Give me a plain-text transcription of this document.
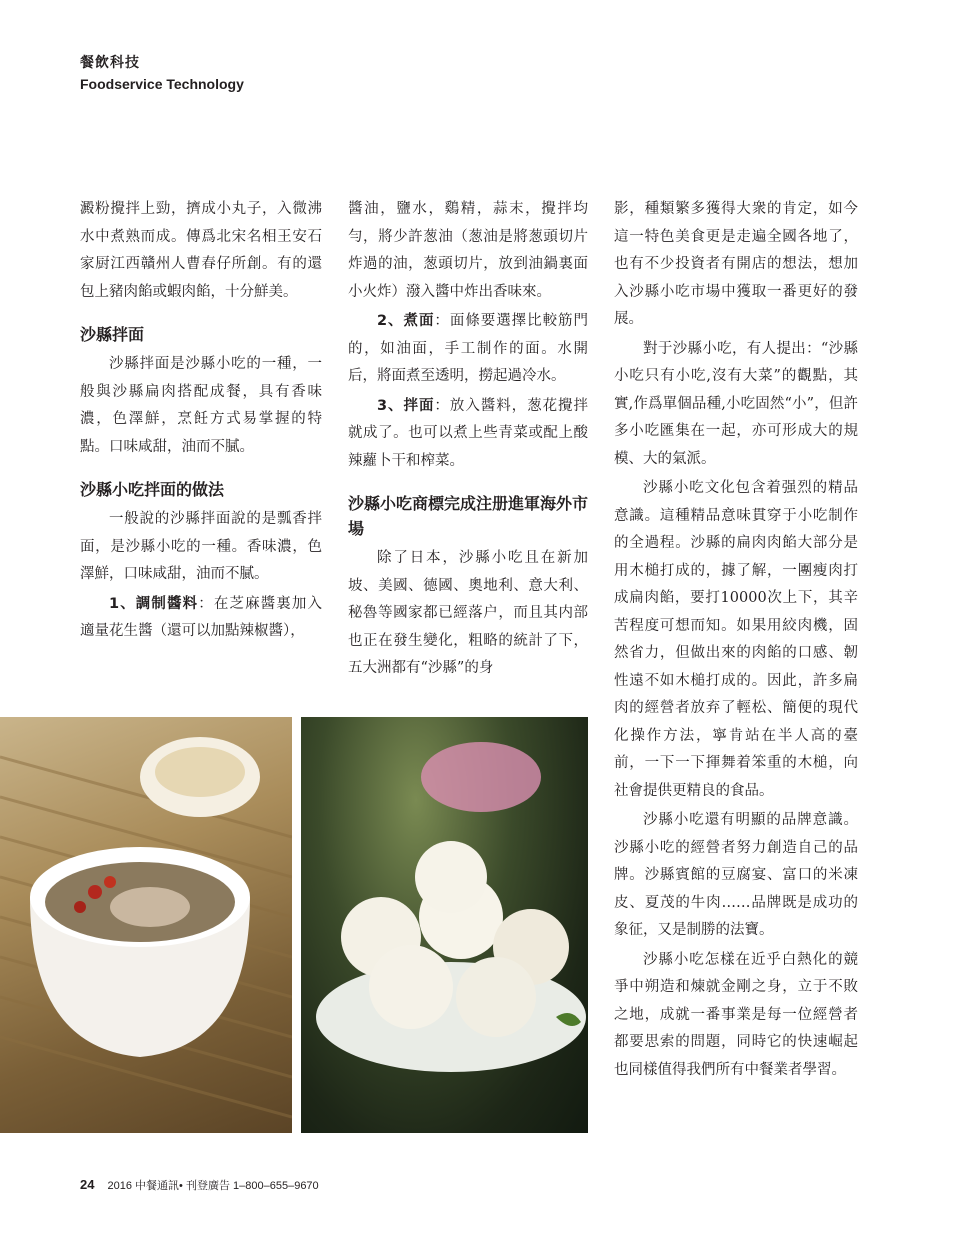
餐飲科技
Foodservice Technology

澱粉攪拌上勁，擠成小丸子，入微沸水中煮熟而成。傳爲北宋名相王安石家厨江西贛州人曹春仔所創。有的還包上豬肉餡或蝦肉餡，十分鮮美。

沙縣拌面

沙縣拌面是沙縣小吃的一種，一般與沙縣扁肉搭配成餐，具有香味濃，色澤鮮，烹飪方式易掌握的特點。口味咸甜，油而不膩。

沙縣小吃拌面的做法

一般說的沙縣拌面說的是瓢香拌面，是沙縣小吃的一種。香味濃，色澤鮮，口味咸甜，油而不膩。

1、調制醬料：在芝麻醬裏加入適量花生醬（還可以加點辣椒醬），

醬油，鹽水，鷄精，蒜末，攪拌均勻，將少許葱油（葱油是將葱頭切片炸過的油，葱頭切片，放到油鍋裏面小火炸）潑入醬中炸出香味來。

2、煮面：面條要選擇比較筋門的，如油面，手工制作的面。水開后，將面煮至透明，撈起過冷水。

3、拌面：放入醬料，葱花攪拌就成了。也可以煮上些青菜或配上酸辣蘿卜干和榨菜。

沙縣小吃商標完成注册進軍海外市場

除了日本，沙縣小吃且在新加坡、美國、德國、奧地利、意大利、秘魯等國家都已經落户，而且其内部也正在發生變化，粗略的統計了下，五大洲都有“沙縣”的身

影，種類繁多獲得大衆的肯定，如今這一特色美食更是走遍全國各地了，也有不少投資者有開店的想法，想加入沙縣小吃市場中獲取一番更好的發展。

對于沙縣小吃，有人提出：“沙縣小吃只有小吃,沒有大菜”的觀點，其實,作爲單個品種,小吃固然“小”，但許多小吃匯集在一起，亦可形成大的規模、大的氣派。

沙縣小吃文化包含着强烈的精品意識。這種精品意味貫穿于小吃制作的全過程。沙縣的扁肉肉餡大部分是用木槌打成的，據了解，一團瘦肉打成扁肉餡，要打10000次上下，其辛苦程度可想而知。如果用絞肉機，固然省力，但做出來的肉餡的口感、韌性遠不如木槌打成的。因此，許多扁肉的經營者放弃了輕松、簡便的現代化操作方法，寧肯站在半人高的臺前，一下一下揮舞着笨重的木槌，向社會提供更精良的食品。

沙縣小吃還有明顯的品牌意識。沙縣小吃的經營者努力創造自己的品牌。沙縣賓館的豆腐宴、富口的米凍皮、夏茂的牛肉……品牌既是成功的象征，又是制勝的法寶。

沙縣小吃怎樣在近乎白熱化的競爭中朔造和煉就金剛之身，立于不敗之地，成就一番事業是每一位經營者都要思索的問題，同時它的快速崛起也同樣值得我們所有中餐業者學習。

24 2016 中餐通訊• 刊登廣告 1–800–655–9670
